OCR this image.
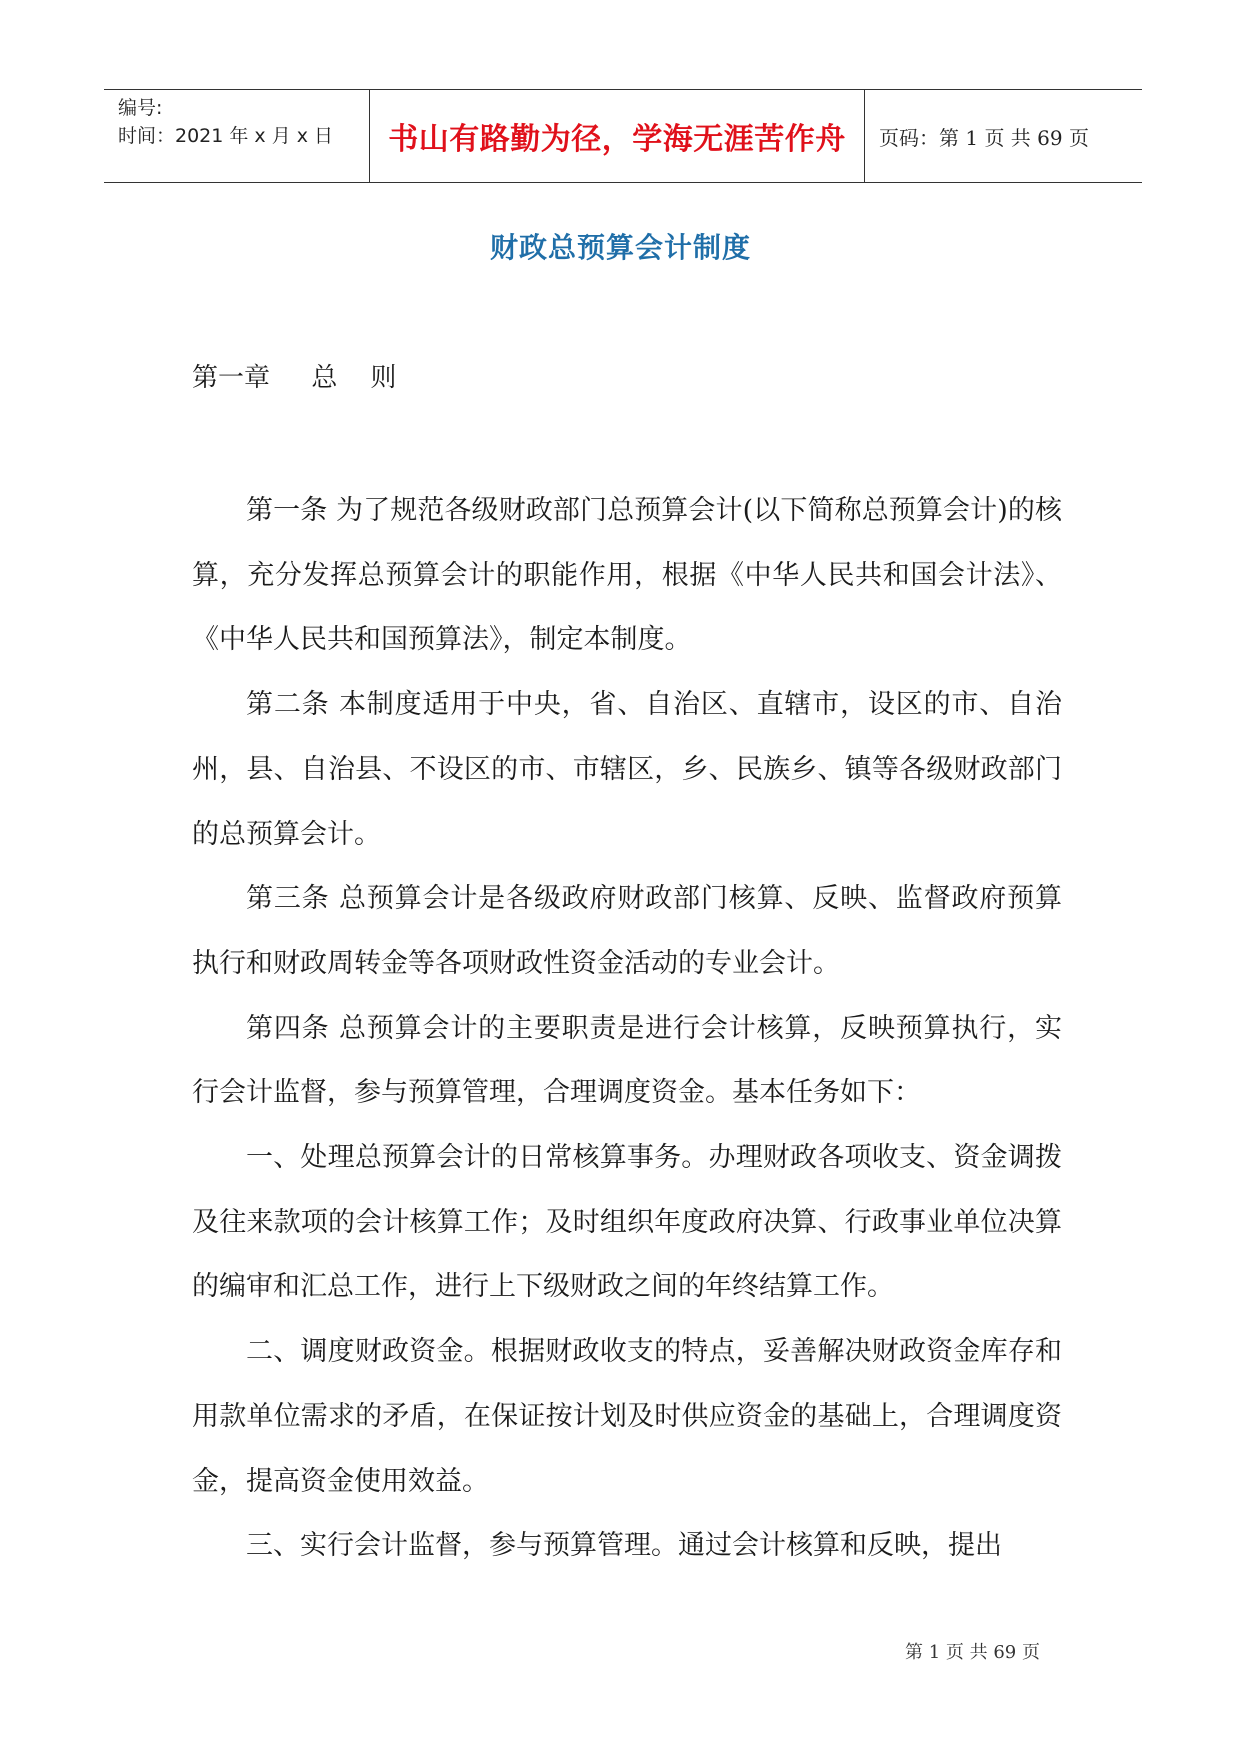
编号:
时间：2021 年 x 月 x 日	书山有路勤为径，学海无涯苦作舟 页码：第 1 页 共 69 页
财政总预算会计制度
第一章     总    则

第一条 为了规范各级财政部门总预算会计(以下简称总预算会计)的核算，充分发挥总预算会计的职能作用，根据《中华人民共和国会计法》、《中华人民共和国预算法》，制定本制度。

第二条 本制度适用于中央，省、自治区、直辖市，设区的市、自治州，县、自治县、不设区的市、市辖区，乡、民族乡、镇等各级财政部门的总预算会计。

第三条 总预算会计是各级政府财政部门核算、反映、监督政府预算执行和财政周转金等各项财政性资金活动的专业会计。

第四条 总预算会计的主要职责是进行会计核算，反映预算执行，实行会计监督，参与预算管理，合理调度资金。基本任务如下：

一、处理总预算会计的日常核算事务。办理财政各项收支、资金调拨及往来款项的会计核算工作；及时组织年度政府决算、行政事业单位决算的编审和汇总工作，进行上下级财政之间的年终结算工作。

二、调度财政资金。根据财政收支的特点，妥善解决财政资金库存和用款单位需求的矛盾，在保证按计划及时供应资金的基础上，合理调度资金，提高资金使用效益。

三、实行会计监督，参与预算管理。通过会计核算和反映，提出

第 1 页 共 69 页
